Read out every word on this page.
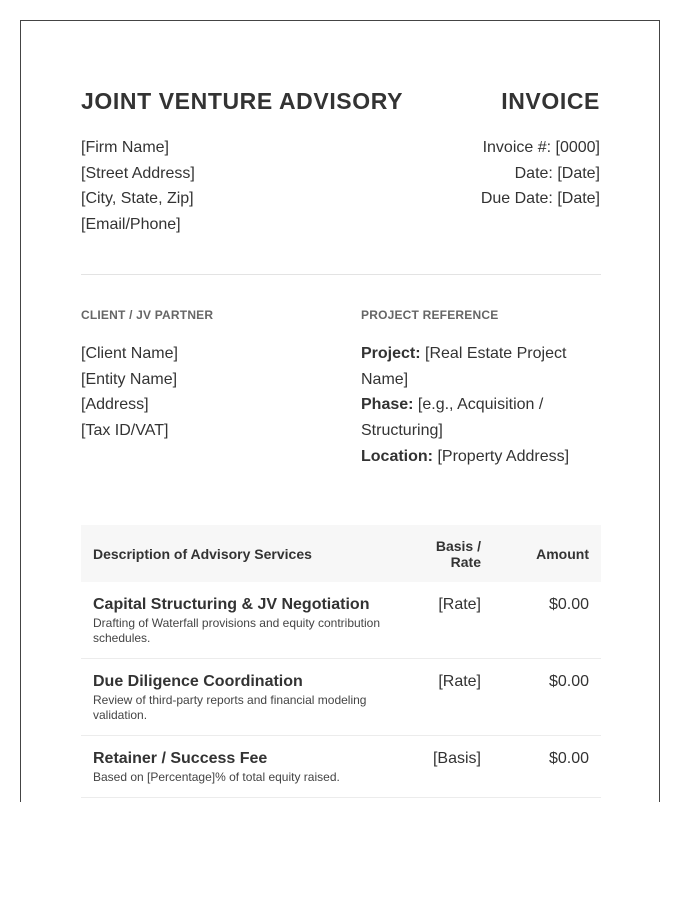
JOINT VENTURE ADVISORY	INVOICE
[Firm Name]
[Street Address]
[City, State, Zip]
[Email/Phone]
Invoice #: [0000]
Date: [Date]
Due Date: [Date]
CLIENT / JV PARTNER	PROJECT REFERENCE
[Client Name]
[Entity Name]
[Address]
[Tax ID/VAT]
Project: [Real Estate Project Name]
Phase: [e.g., Acquisition / Structuring]
Location: [Property Address]
Description of Advisory Services	Basis / Rate	Amount

Capital Structuring & JV Negotiation
Drafting of Waterfall provisions and equity contribution schedules.	[Rate]	$0.00

Due Diligence Coordination
Review of third-party reports and financial modeling validation.	[Rate]	$0.00

Retainer / Success Fee
Based on [Percentage]% of total equity raised.	[Basis]	$0.00
